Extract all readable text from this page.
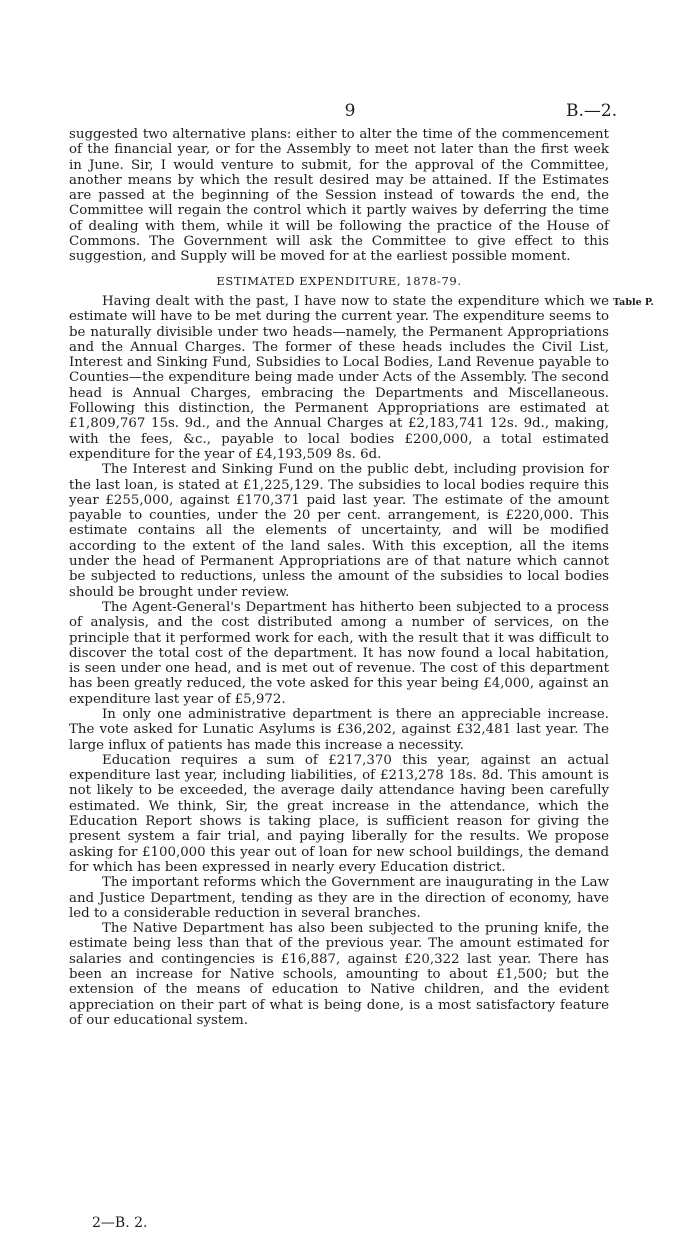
9	B.—2.

suggested two alternative plans: either to alter the time of the commencement of the financial year, or for the Assembly to meet not later than the first week in June. Sir, I would venture to submit, for the approval of the Committee, another means by which the result desired may be attained. If the Estimates are passed at the beginning of the Session instead of towards the end, the Committee will regain the control which it partly waives by deferring the time of dealing with them, while it will be following the practice of the House of Commons. The Government will ask the Committee to give effect to this suggestion, and Supply will be moved for at the earliest possible moment.

ESTIMATED EXPENDITURE, 1878-79.

Having dealt with the past, I have now to state the expenditure which we estimate will have to be met during the current year. The expenditure seems to be naturally divisible under two heads—namely, the Permanent Appropriations and the Annual Charges. The former of these heads includes the Civil List, Interest and Sinking Fund, Subsidies to Local Bodies, Land Revenue payable to Counties—the expenditure being made under Acts of the Assembly. The second head is Annual Charges, embracing the Departments and Miscellaneous. Following this distinction, the Permanent Appropriations are estimated at £1,809,767 15s. 9d., and the Annual Charges at £2,183,741 12s. 9d., making, with the fees, &c., payable to local bodies £200,000, a total estimated expenditure for the year of £4,193,509 8s. 6d.

The Interest and Sinking Fund on the public debt, including provision for the last loan, is stated at £1,225,129. The subsidies to local bodies require this year £255,000, against £170,371 paid last year. The estimate of the amount payable to counties, under the 20 per cent. arrangement, is £220,000. This estimate contains all the elements of uncertainty, and will be modified according to the extent of the land sales. With this exception, all the items under the head of Permanent Appropriations are of that nature which cannot be subjected to reductions, unless the amount of the subsidies to local bodies should be brought under review.

The Agent-General's Department has hitherto been subjected to a process of analysis, and the cost distributed among a number of services, on the principle that it performed work for each, with the result that it was difficult to discover the total cost of the department. It has now found a local habitation, is seen under one head, and is met out of revenue. The cost of this department has been greatly reduced, the vote asked for this year being £4,000, against an expenditure last year of £5,972.

In only one administrative department is there an appreciable increase. The vote asked for Lunatic Asylums is £36,202, against £32,481 last year. The large influx of patients has made this increase a necessity.

Education requires a sum of £217,370 this year, against an actual expenditure last year, including liabilities, of £213,278 18s. 8d. This amount is not likely to be exceeded, the average daily attendance having been carefully estimated. We think, Sir, the great increase in the attendance, which the Education Report shows is taking place, is sufficient reason for giving the present system a fair trial, and paying liberally for the results. We propose asking for £100,000 this year out of loan for new school buildings, the demand for which has been expressed in nearly every Education district.

The important reforms which the Government are inaugurating in the Law and Justice Department, tending as they are in the direction of economy, have led to a considerable reduction in several branches.

The Native Department has also been subjected to the pruning knife, the estimate being less than that of the previous year. The amount estimated for salaries and contingencies is £16,887, against £20,322 last year. There has been an increase for Native schools, amounting to about £1,500; but the extension of the means of education to Native children, and the evident appreciation on their part of what is being done, is a most satisfactory feature of our educational system.

Table P.
2—B. 2.
